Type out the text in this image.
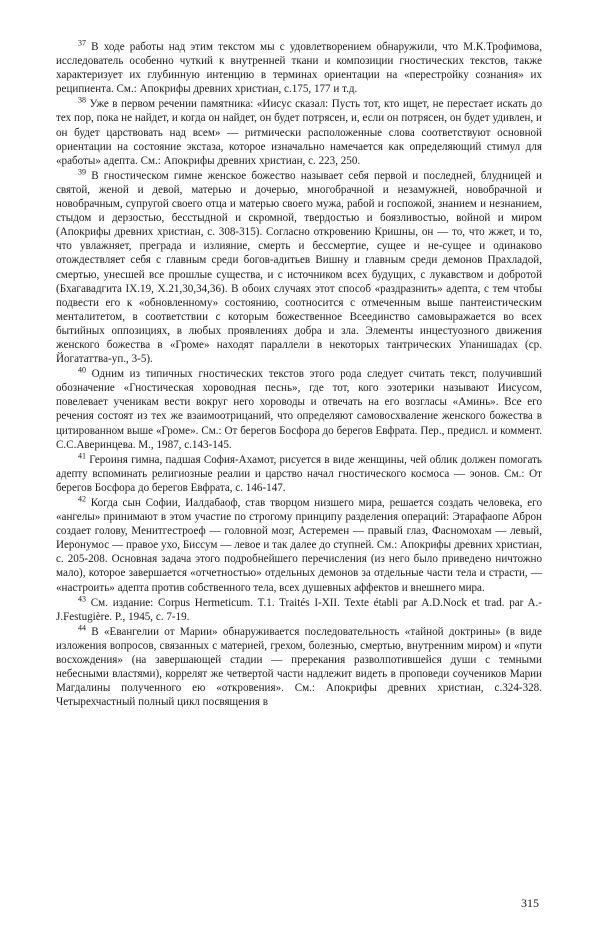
$^{37}$ В ходе работы над этим текстом мы с удовлетворением обнаружили, что М.К.Трофимова, исследователь особенно чуткий к внутренней ткани и композиции гностических текстов, также характеризует их глубинную интенцию в терминах ориентации на «перестройку сознания» их реципиента. См.: Апокрифы древних христиан, с.175, 177 и т.д.

$^{38}$ Уже в первом речении памятника: «Иисус сказал: Пусть тот, кто ищет, не перестает искать до тех пор, пока не найдет, и когда он найдет, он будет потрясен, и, если он потрясен, он будет удивлен, и он будет царствовать над всем» — ритмически расположенные слова соответствуют основной ориентации на состояние экстаза, которое изначально намечается как определяющий стимул для «работы» адепта. См.: Апокрифы древних христиан, с. 223, 250.

$^{39}$ В гностическом гимне женское божество называет себя первой и последней, блудницей и святой, женой и девой, матерью и дочерью, многобрачной и незамужней, новобрачной и новобрачным, супругой своего отца и матерью своего мужа, рабой и госпожой, знанием и незнанием, стыдом и дерзостью, бесстыдной и скромной, твердостью и боязливостью, войной и миром (Апокрифы древних христиан, с. 308-315). Согласно откровению Кришны, он — то, что жжет, и то, что увлажняет, преграда и излияние, смерть и бессмертие, сущее и не-сущее и одинаково отождествляет себя с главным среди богов-адитьев Вишну и главным среди демонов Прахладой, смертью, унесшей все прошлые существа, и с источником всех будущих, с лукавством и добротой (Бхагавадгита IX.19, X.21,30,34,36). В обоих случаях этот способ «раздразнить» адепта, с тем чтобы подвести его к «обновленному» состоянию, соотносится с отмеченным выше пантеистическим менталитетом, в соответствии с которым божественное Всеединство самовыражается во всех бытийных оппозициях, в любых проявлениях добра и зла. Элементы инцестуозного движения женского божества в «Громе» находят параллели в некоторых тантрических Упанишадах (ср. Йогататтва-уп., 3-5).

$^{40}$ Одним из типичных гностических текстов этого рода следует считать текст, получивший обозначение «Гностическая хороводная песнь», где тот, кого эзотерики называют Иисусом, повелевает ученикам вести вокруг него хороводы и отвечать на его возгласы «Аминь». Все его речения состоят из тех же взаимоотрицаний, что определяют самовосхваление женского божества в цитированном выше «Громе». См.: От берегов Босфора до берегов Евфрата. Пер., предисл. и коммент. С.С.Аверинцева. М., 1987, с.143-145.

$^{41}$ Героиня гимна, падшая София-Ахамот, рисуется в виде женщины, чей облик должен помогать адепту вспоминать религиозные реалии и царство начал гностического космоса — эонов. См.: От берегов Босфора до берегов Евфрата, с. 146-147.

$^{42}$ Когда сын Софии, Иалдабаоф, став творцом низшего мира, решается создать человека, его «ангелы» принимают в этом участие по строгому принципу разделения операций: Этарафаопе Аброн создает голову, Менитгестроеф — головной мозг, Астеремен — правый глаз, Фасномохам — левый, Иеронумос — правое ухо, Биссум — левое и так далее до ступней. См.: Апокрифы древних христиан, с. 205-208. Основная задача этого подробнейшего перечисления (из него было приведено ничтожно мало), которое завершается «отчетностью» отдельных демонов за отдельные части тела и страсти, — «настроить» адепта против собственного тела, всех душевных аффектов и внешнего мира.

$^{43}$ См. издание: Corpus Hermeticum. T.1. Traités I-XII. Texte établi par A.D.Nock et trad. par A.-J.Festugière. P., 1945, с. 7-19.

$^{44}$ В «Евангелии от Марии» обнаруживается последовательность «тайной доктрины» (в виде изложения вопросов, связанных с материей, грехом, болезнью, смертью, внутренним миром) и «пути восхождения» (на завершающей стадии — пререкания разволпотившейся души с темными небесными властями), коррелят же четвертой части надлежит видеть в проповеди соучеников Марии Магдалины полученного ею «откровения». См.: Апокрифы древних христиан, с.324-328. Четырехчастный полный цикл посвящения в

315
